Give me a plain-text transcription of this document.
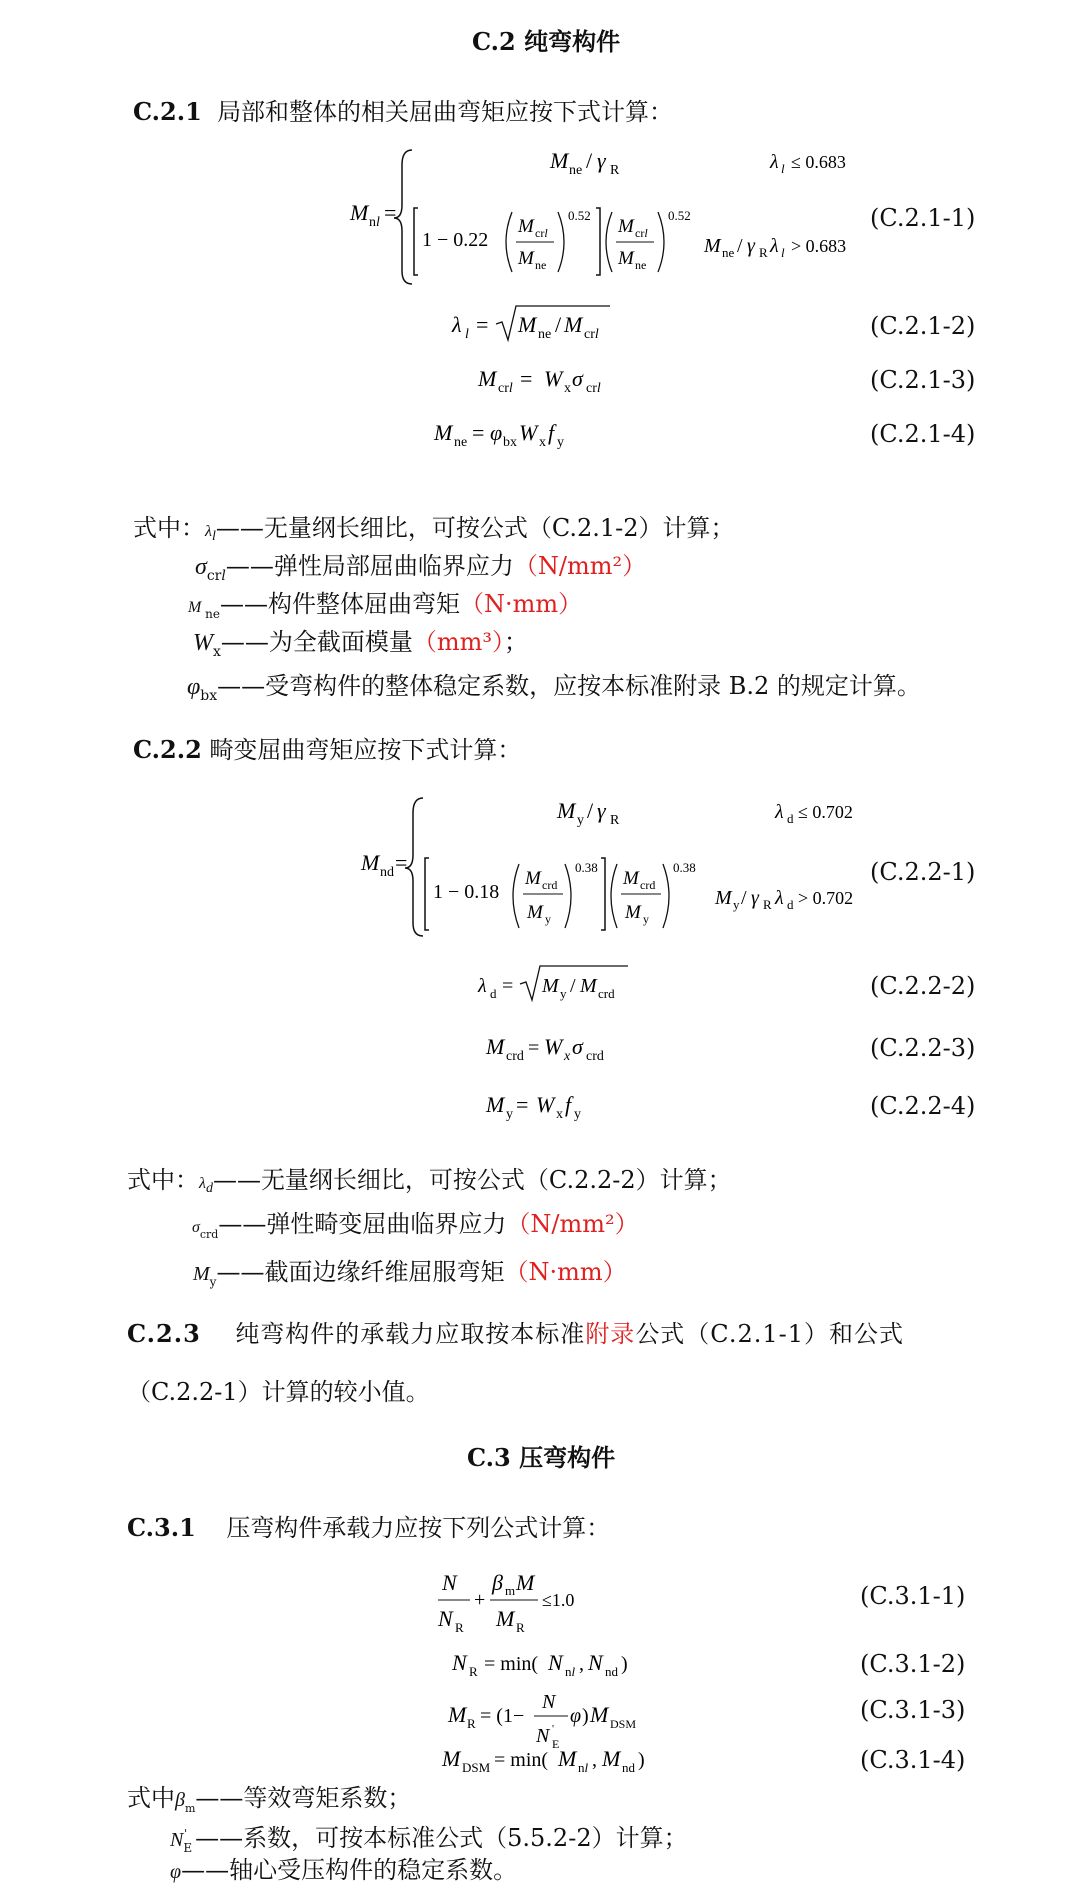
C.2 纯弯构件
C.2.1 局部和整体的相关屈曲弯矩应按下式计算：
M nl =
M ne / γ R	λ l ≤ 0.683
1 − 0.22
M crl
M ne
0.52
M crl
M ne
0.52
M ne / γ R λ l > 0.683
(C.2.1-1)
λ l = M ne / M crl	(C.2.1-2)
M crl = W x σ crl	(C.2.1-3)
M ne = φ bx W x f y	(C.2.1-4)
式中：$\lambda_l——$无量纲长细比，可按公式（C.2.1-2）计算；
$\sigma_{crl}——$弹性局部屈曲临界应力（N/mm²）
M $_{ne}$——构件整体屈曲弯矩（N·mm）
$W_x——$为全截面模量（mm³）；
$\varphi_{bx}——$受弯构件的整体稳定系数，应按本标准附录 B.2 的规定计算。
C.2.2 畸变屈曲弯矩应按下式计算：
M nd =
M y / γ R	λ d ≤ 0.702
1 − 0.18
M crd
M y
0.38
M crd
M y
0.38
M y / γ R λ d > 0.702
(C.2.2-1)
λ d = M y / M crd	(C.2.2-2)
M crd = W x σ crd	(C.2.2-3)
M y = W x f y	(C.2.2-4)
式中：$\lambda_d——$无量纲长细比，可按公式（C.2.2-2）计算；
$\sigma_{crd}——$弹性畸变屈曲临界应力（N/mm²）
$M_y——$截面边缘纤维屈服弯矩（N·mm）
C.2.3 纯弯构件的承载力应取按本标准附录公式（C.2.1-1）和公式
（C.2.2-1）计算的较小值。
C.3 压弯构件
C.3.1 压弯构件承载力应按下列公式计算：
N
N R
+
β m M
M R
≤1.0	(C.3.1-1)
N R = min( N nl , N nd )	(C.3.1-2)
M R = (1−
N
N '
E
φ ) M DSM	(C.3.1-3)
M DSM = min( M nl , M nd )	(C.3.1-4)
式中$\beta_m——$等效弯矩系数；
$N_E'$ ——系数，可按本标准公式（5.5.2-2）计算；
φ——轴心受压构件的稳定系数。
